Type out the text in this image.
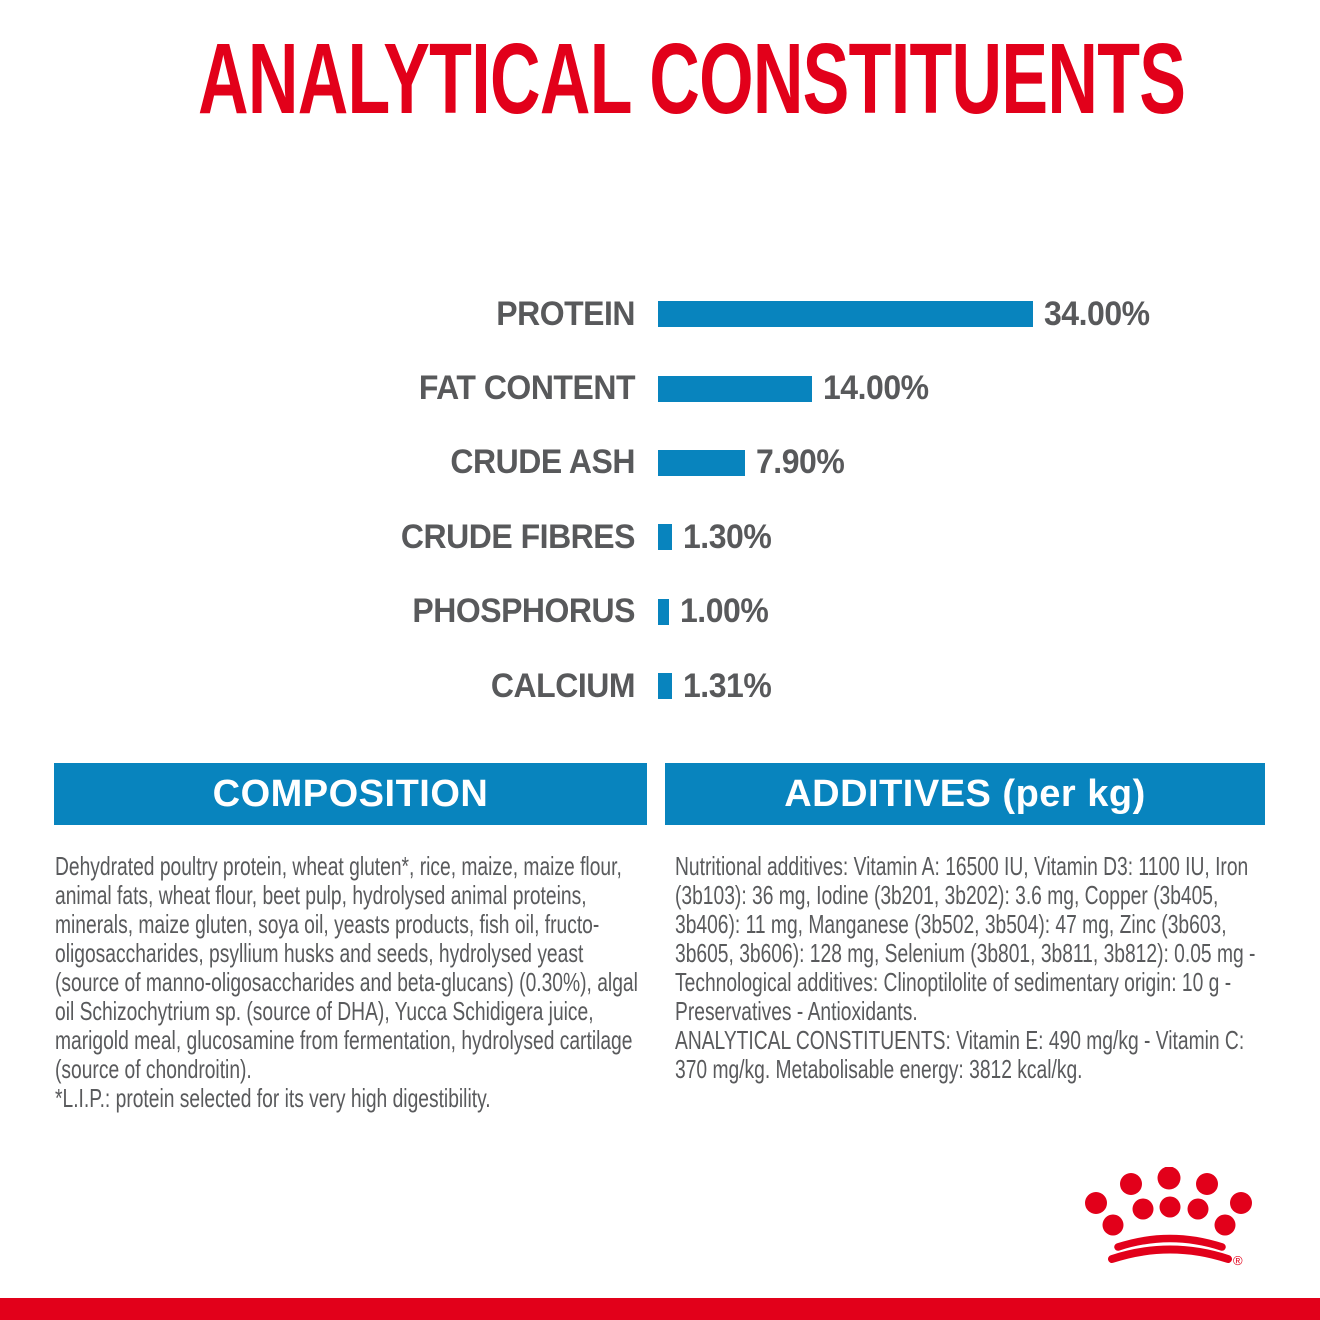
ANALYTICAL CONSTITUENTS
PROTEIN	34.00%
FAT CONTENT	14.00%
CRUDE ASH	7.90%
CRUDE FIBRES 1.30%
PHOSPHORUS 1.00%
CALCIUM 1.31%
COMPOSITION	ADDITIVES (per kg)

Dehydrated poultry protein, wheat gluten*, rice, maize, maize flour, animal fats, wheat flour, beet pulp, hydrolysed animal proteins, minerals, maize gluten, soya oil, yeasts products, fish oil, fructo-oligosaccharides, psyllium husks and seeds, hydrolysed yeast (source of manno-oligosaccharides and beta-glucans) (0.30%), algal oil Schizochytrium sp. (source of DHA), Yucca Schidigera juice, marigold meal, glucosamine from fermentation, hydrolysed cartilage (source of chondroitin).

*L.I.P.: protein selected for its very high digestibility.

Nutritional additives: Vitamin A: 16500 IU, Vitamin D3: 1100 IU, Iron (3b103): 36 mg, Iodine (3b201, 3b202): 3.6 mg, Copper (3b405, 3b406): 11 mg, Manganese (3b502, 3b504): 47 mg, Zinc (3b603, 3b605, 3b606): 128 mg, Selenium (3b801, 3b811, 3b812): 0.05 mg - Technological additives: Clinoptilolite of sedimentary origin: 10 g - Preservatives - Antioxidants.

ANALYTICAL CONSTITUENTS: Vitamin E: 490 mg/kg - Vitamin C: 370 mg/kg. Metabolisable energy: 3812 kcal/kg.

®
